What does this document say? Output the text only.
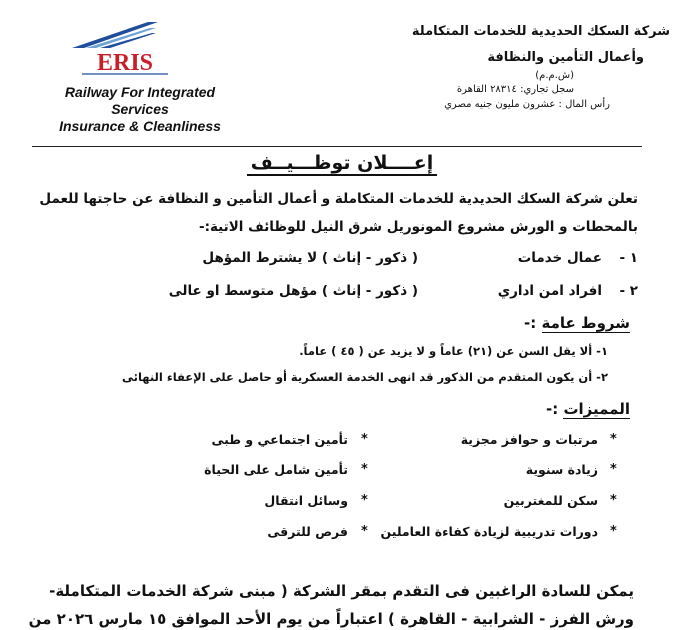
ERIS
Railway For Integrated
Services
Insurance & Cleanliness
شركة السكك الحديدية للخدمات المتكاملة
وأعمال التأمين والنظافة
(ش.م.م)
سجل تجاري: ٢٨٣١٤ القاهرة
رأس المال : عشرون مليون جنيه مصري
إعــــلان توظـــيــف
تعلن شركة السكك الحديدية للخدمات المتكاملة و أعمال التأمين و النظافة عن حاجتها للعمل
بالمحطات و الورش مشروع المونوريل شرق النيل للوظائف الاتية:-
١ -
عمال خدمات
( ذكور - إناث ) لا يشترط المؤهل
٢ -
افراد امن اداري
( ذكور - إناث ) مؤهل متوسط او عالى
شروط عامة :-
١- ألا يقل السن عن (٢١) عاماً و لا يزيد عن ( ٤٥ ) عاماً.
٢- أن يكون المتقدم من الذكور قد انهى الخدمة العسكرية أو حاصل على الإعفاء النهائى
المميزات :-
*
مرتبات و حوافز مجزية
*
زيادة سنوية
*
سكن للمغتربين
*
دورات تدريبية لزيادة كفاءة العاملين
*
تأمين اجتماعي و طبى
*
تأمين شامل على الحياة
*
وسائل انتقال
*
فرص للترقى
يمكن للسادة الراغبين فى التقدم بمقر الشركة ( مبنى شركة الخدمات المتكاملة-
ورش الفرز - الشرابية - القاهرة ) اعتباراً من يوم الأحد الموافق ١٥ مارس ٢٠٢٦ من
